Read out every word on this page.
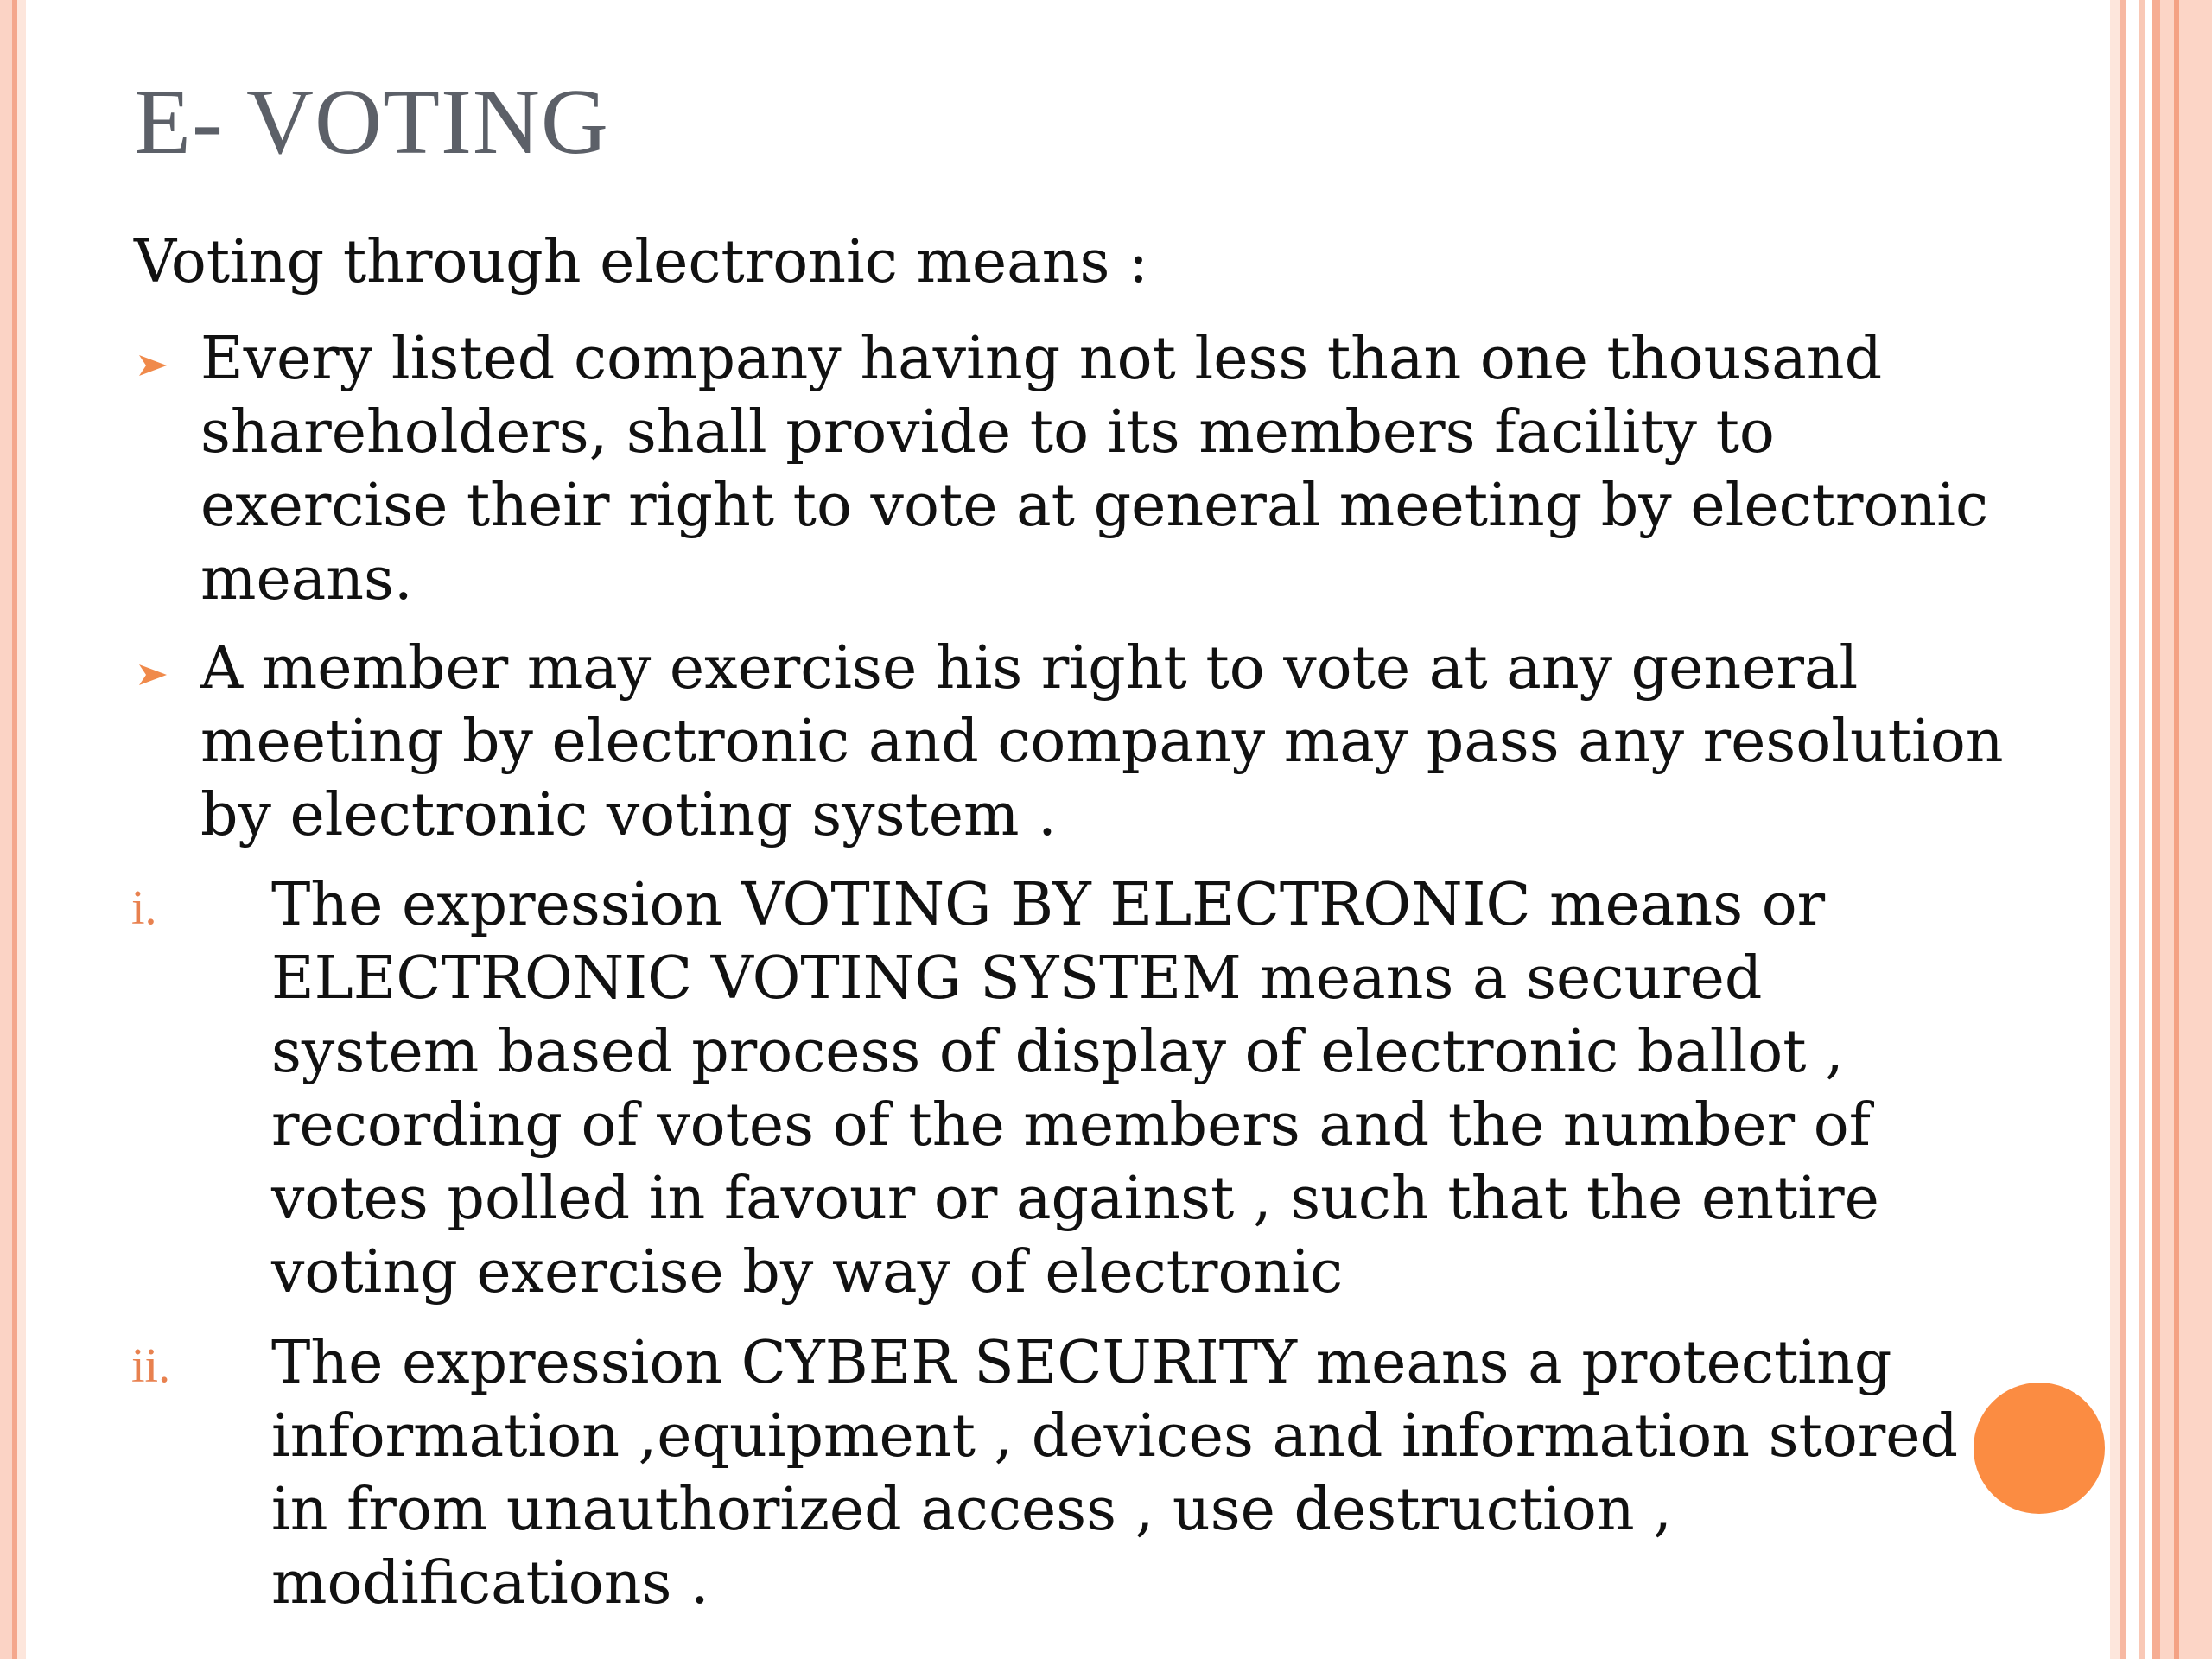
E- VOTING
Voting through electronic means :
Every listed company having not less than one thousand
shareholders, shall provide to its members facility to
exercise their right to vote at general meeting by electronic
means.
A member may exercise his right to vote at any general
meeting by electronic and company may pass any resolution
by electronic voting system .
i. The expression VOTING BY ELECTRONIC means or
ELECTRONIC VOTING SYSTEM means a secured
system based process of display of electronic ballot ,
recording of votes of the members and the number of
votes polled in favour or against , such that the entire
voting exercise by way of electronic
ii. The expression CYBER SECURITY means a protecting
information ,equipment , devices and information stored
in from unauthorized access , use destruction ,
modifications .
